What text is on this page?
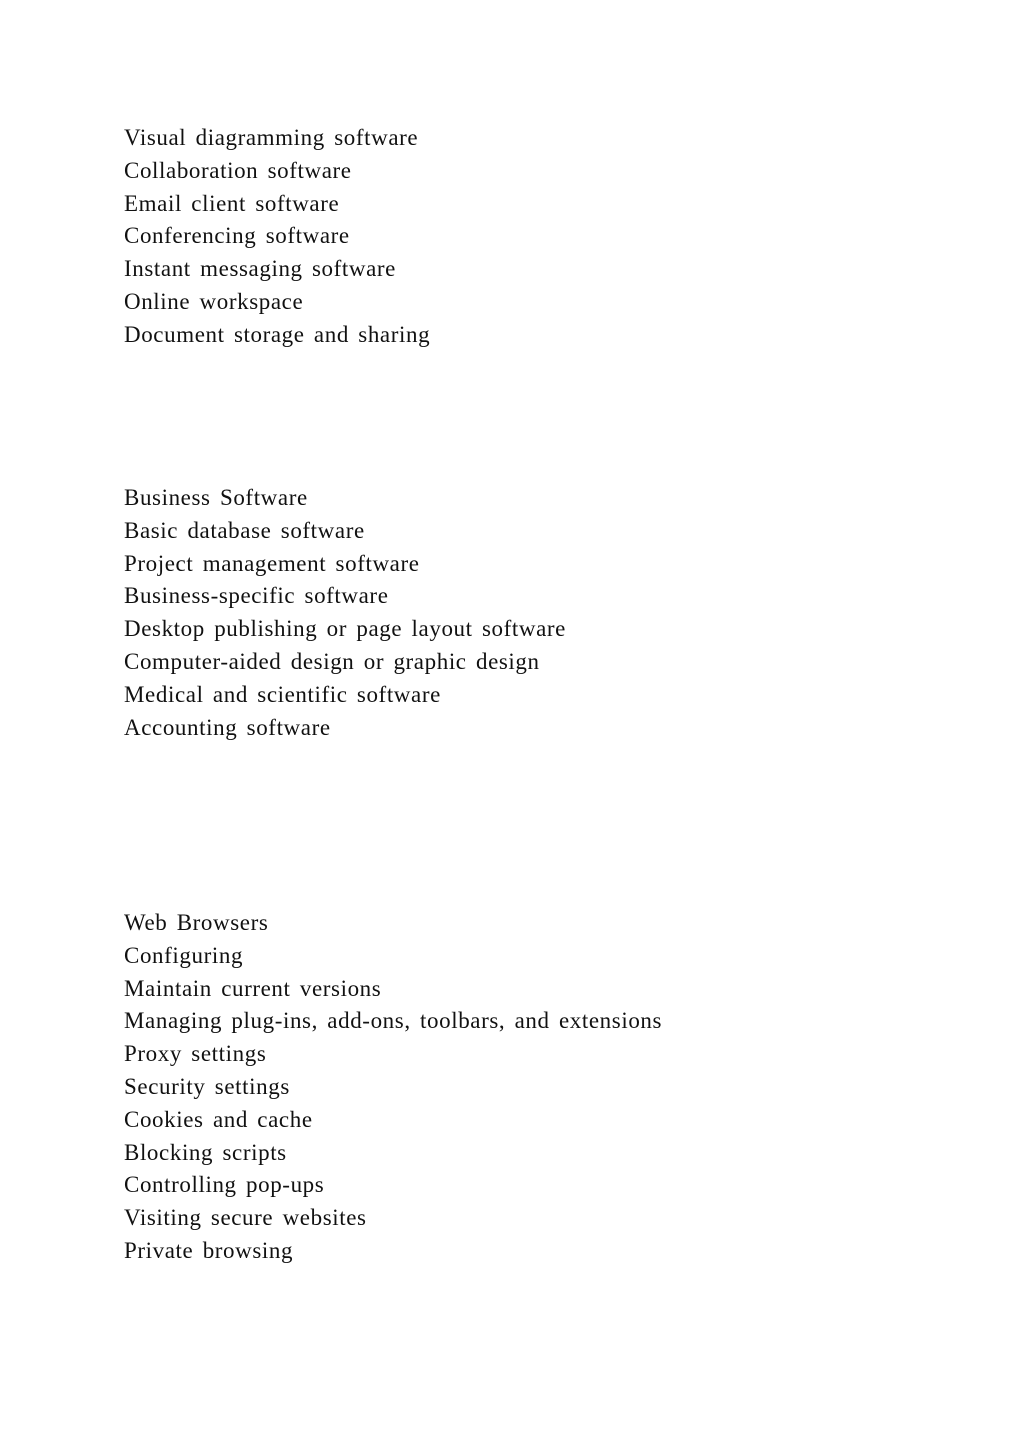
Visual diagramming software
Collaboration software
Email client software
Conferencing software
Instant messaging software
Online workspace
Document storage and sharing
Business Software
Basic database software
Project management software
Business-specific software
Desktop publishing or page layout software
Computer-aided design or graphic design
Medical and scientific software
Accounting software
Web Browsers
Configuring
Maintain current versions
Managing plug-ins, add-ons, toolbars, and extensions
Proxy settings
Security settings
Cookies and cache
Blocking scripts
Controlling pop-ups
Visiting secure websites
Private browsing
